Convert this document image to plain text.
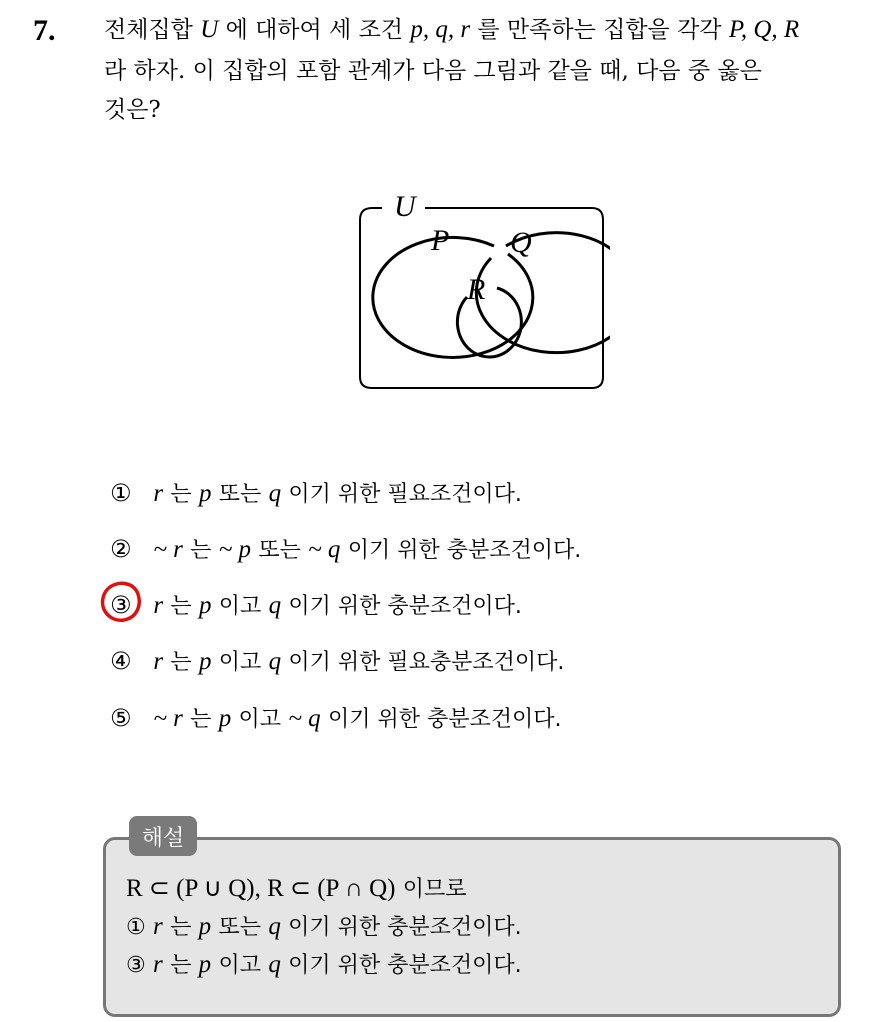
7. 전체집합 U 에 대하여 세 조건 p, q, r 를 만족하는 집합을 각각 P, Q, R
라 하자. 이 집합의 포함 관계가 다음 그림과 같을 때, 다음 중 옳은
것은?
U
P Q
R
① r 는 p 또는 q 이기 위한 필요조건이다.
② ~ r 는 ~ p 또는 ~ q 이기 위한 충분조건이다.
③ r 는 p 이고 q 이기 위한 충분조건이다.
④ r 는 p 이고 q 이기 위한 필요충분조건이다.
⑤ ~ r 는 p 이고 ~ q 이기 위한 충분조건이다.
해설
R ⊂ (P ∪ Q), R ⊂ (P ∩ Q) 이므로
① r 는 p 또는 q 이기 위한 충분조건이다.
③ r 는 p 이고 q 이기 위한 충분조건이다.
